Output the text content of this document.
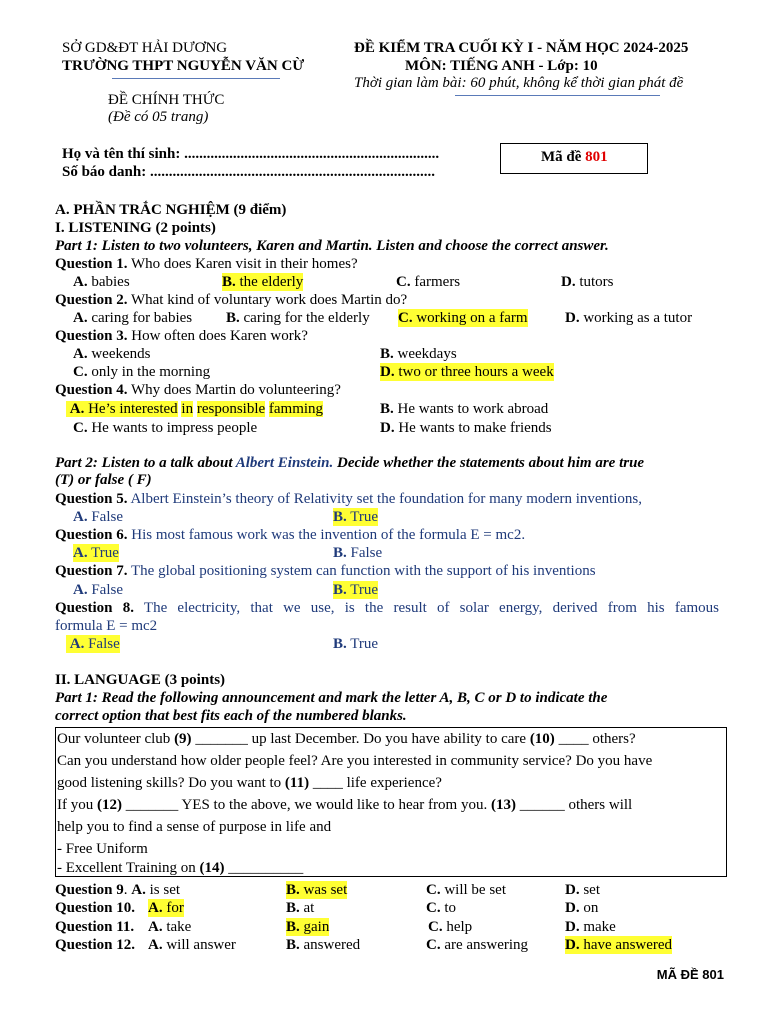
SỞ GD&ĐT HẢI DƯƠNG
TRƯỜNG THPT NGUYỄN VĂN CỪ
ĐỀ KIỂM TRA CUỐI KỲ I - NĂM HỌC 2024-2025
MÔN: TIẾNG ANH - Lớp: 10
Thời gian làm bài: 60 phút, không kể thời gian phát đề
ĐỀ CHÍNH THỨC
(Đề có 05 trang)
Họ và tên thí sinh: ....................................................................
Số báo danh: ............................................................................
Mã đề 801
A. PHẦN TRẮC NGHIỆM (9 điểm)
I. LISTENING (2 points)
Part 1: Listen to two volunteers, Karen and Martin. Listen and choose the correct answer.
Question 1. Who does Karen visit in their homes?
A. babies	B. the elderly	C. farmers	D. tutors
Question 2. What kind of voluntary work does Martin do?
A. caring for babies B. caring for the elderly C. working on a farm D. working as a tutor
Question 3. How often does Karen work?
A. weekends	B. weekdays
C. only in the morning	D. two or three hours a week
Question 4. Why does Martin do volunteering?
A. He’s interested in responsible famming	B. He wants to work abroad
C. He wants to impress people	D. He wants to make friends
Part 2: Listen to a talk about Albert Einstein. Decide whether the statements about him are true
(T) or false ( F)
Question 5. Albert Einstein’s theory of Relativity set the foundation for many modern inventions,
A. False	B. True
Question 6. His most famous work was the invention of the formula E = mc2.
A. True	B. False
Question 7. The global positioning system can function with the support of his inventions
A. False	B. True
Question 8. The electricity, that we use, is the result of solar energy, derived from his famous
formula E = mc2
A. False	B. True
II. LANGUAGE (3 points)
Part 1: Read the following announcement and mark the letter A, B, C or D to indicate the
correct option that best fits each of the numbered blanks.
Our volunteer club (9) _______ up last December. Do you have ability to care (10) ____ others?
Can you understand how older people feel? Are you interested in community service? Do you have
good listening skills? Do you want to (11) ____ life experience?
If you (12) _______ YES to the above, we would like to hear from you. (13) ______ others will
help you to find a sense of purpose in life and
- Free Uniform
- Excellent Training on (14) __________
Question 9. A. is set	B. was set	C. will be set	D. set
Question 10. A. for	B. at	C. to	D. on
Question 11. A. take	B. gain	C. help	D. make
Question 12. A. will answer	B. answered	C. are answering D. have answered
MÃ ĐỀ 801
